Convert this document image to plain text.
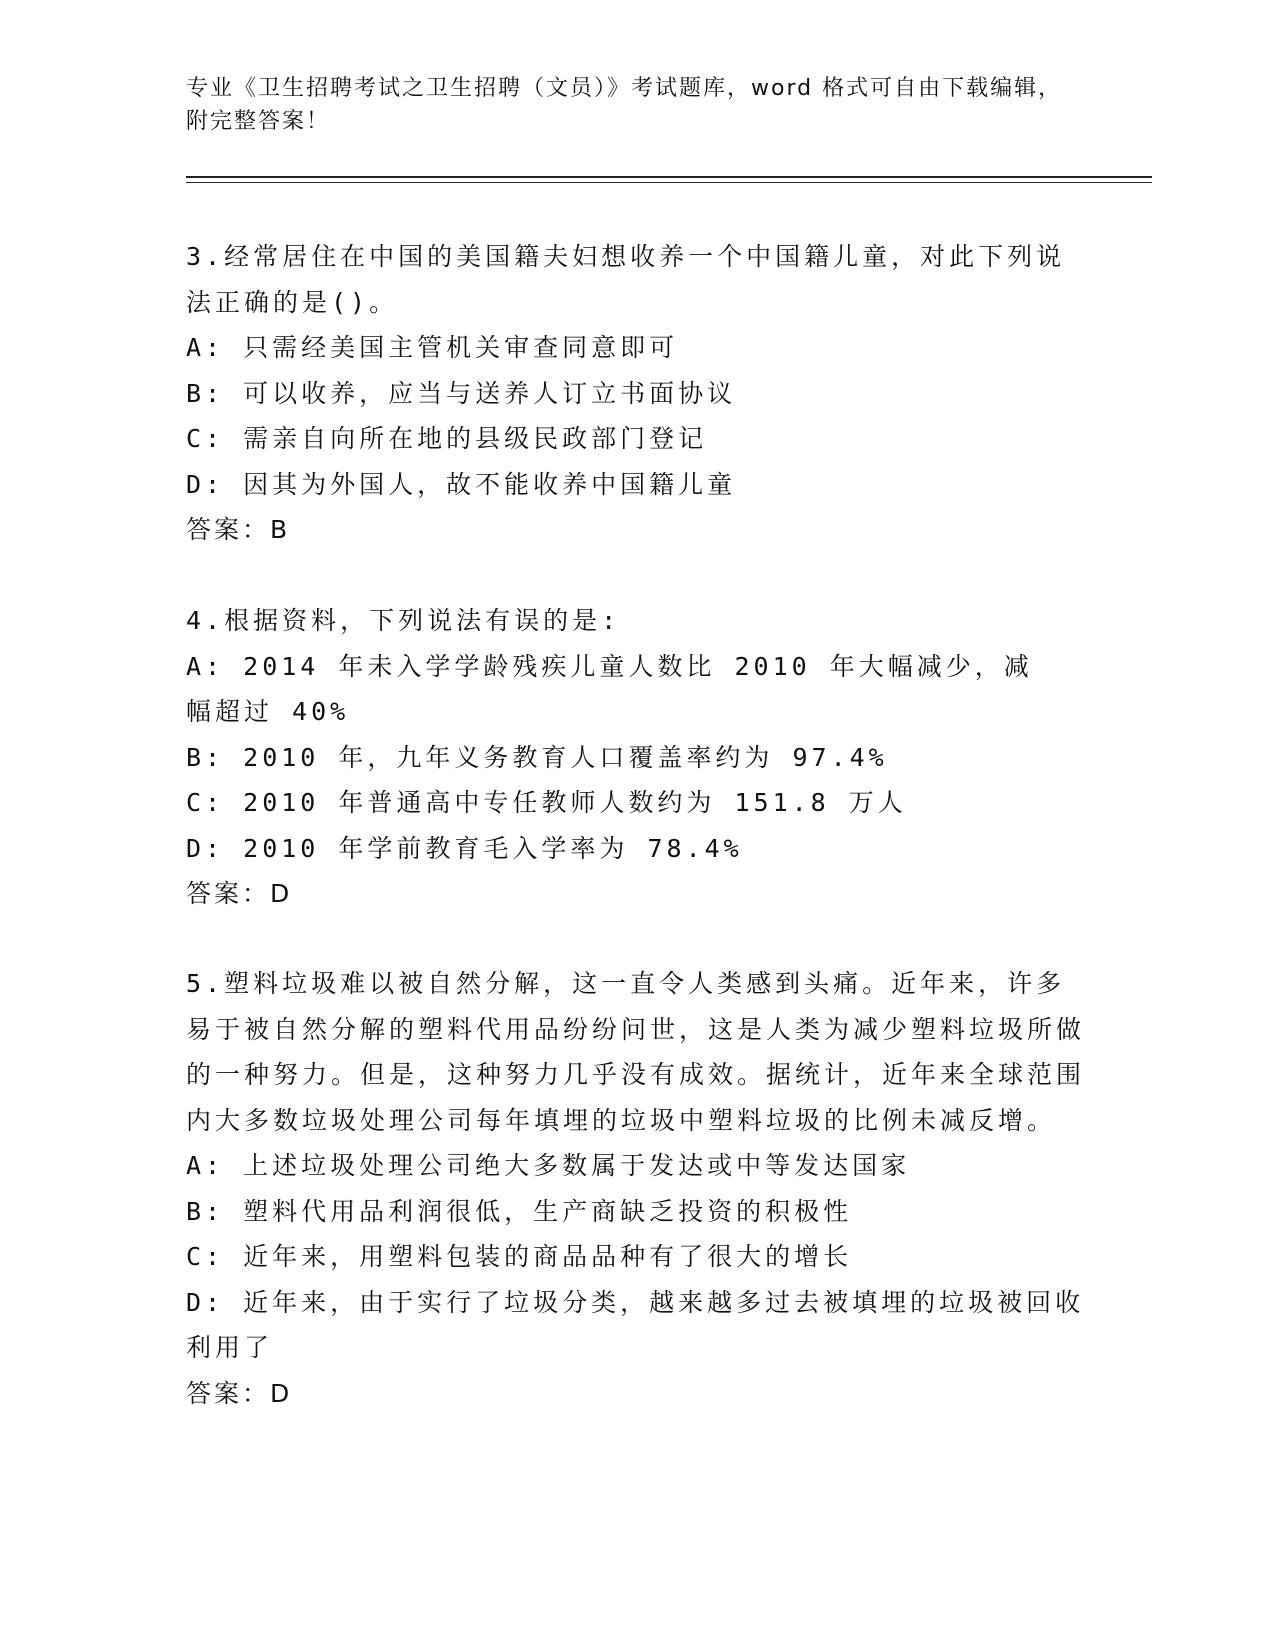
专业《卫生招聘考试之卫生招聘（文员）》考试题库，word 格式可自由下载编辑，附完整答案！

3.经常居住在中国的美国籍夫妇想收养一个中国籍儿童，对此下列说法正确的是()。

A: 只需经美国主管机关审查同意即可

B: 可以收养，应当与送养人订立书面协议

C: 需亲自向所在地的县级民政部门登记

D: 因其为外国人，故不能收养中国籍儿童

答案：B

4.根据资料，下列说法有误的是:

A: 2014 年未入学学龄残疾儿童人数比 2010 年大幅减少，减幅超过 40%

B: 2010 年，九年义务教育人口覆盖率约为 97.4%

C: 2010 年普通高中专任教师人数约为 151.8 万人

D: 2010 年学前教育毛入学率为 78.4%

答案：D

5.塑料垃圾难以被自然分解，这一直令人类感到头痛。近年来，许多易于被自然分解的塑料代用品纷纷问世，这是人类为减少塑料垃圾所做的一种努力。但是，这种努力几乎没有成效。据统计，近年来全球范围内大多数垃圾处理公司每年填埋的垃圾中塑料垃圾的比例未减反增。

A: 上述垃圾处理公司绝大多数属于发达或中等发达国家

B: 塑料代用品利润很低，生产商缺乏投资的积极性

C: 近年来，用塑料包装的商品品种有了很大的增长

D: 近年来，由于实行了垃圾分类，越来越多过去被填埋的垃圾被回收利用了

答案：D
